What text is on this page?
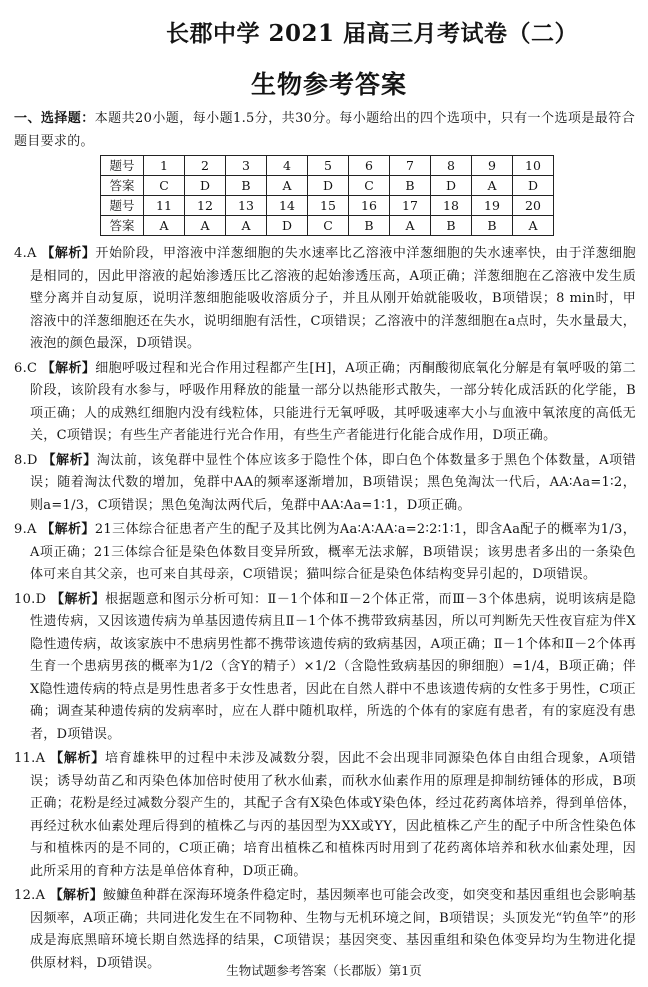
长郡中学 2021 届高三月考试卷（二）
生物参考答案
一、选择题：本题共20小题，每小题1.5分，共30分。每小题给出的四个选项中，只有一个选项是最符合题目要求的。
题号	1	2	3	4	5	6	7	8	9	10
答案	C	D	B	A	D	C	B	D	A	D
题号	11	12	13	14	15	16	17	18	19	20
答案	A	A	A	D	C	B	A	B	B	A

4.A 【解析】开始阶段，甲溶液中洋葱细胞的失水速率比乙溶液中洋葱细胞的失水速率快，由于洋葱细胞是相同的，因此甲溶液的起始渗透压比乙溶液的起始渗透压高，A项正确；洋葱细胞在乙溶液中发生质壁分离并自动复原，说明洋葱细胞能吸收溶质分子，并且从刚开始就能吸收，B项错误；8 min时，甲溶液中的洋葱细胞还在失水，说明细胞有活性，C项错误；乙溶液中的洋葱细胞在a点时，失水量最大，液泡的颜色最深，D项错误。

6.C 【解析】细胞呼吸过程和光合作用过程都产生[H]，A项正确；丙酮酸彻底氧化分解是有氧呼吸的第二阶段，该阶段有水参与，呼吸作用释放的能量一部分以热能形式散失，一部分转化成活跃的化学能，B项正确；人的成熟红细胞内没有线粒体，只能进行无氧呼吸，其呼吸速率大小与血液中氧浓度的高低无关，C项错误；有些生产者能进行光合作用，有些生产者能进行化能合成作用，D项正确。

8.D 【解析】淘汰前，该兔群中显性个体应该多于隐性个体，即白色个体数量多于黑色个体数量，A项错误；随着淘汰代数的增加，兔群中AA的频率逐渐增加，B项错误；黑色兔淘汰一代后，AA∶Aa=1∶2，则a=1/3，C项错误；黑色兔淘汰两代后，兔群中AA∶Aa=1∶1，D项正确。

9.A 【解析】21三体综合征患者产生的配子及其比例为Aa∶A∶AA∶a=2∶2∶1∶1，即含Aa配子的概率为1/3，A项正确；21三体综合征是染色体数目变异所致，概率无法求解，B项错误；该男患者多出的一条染色体可来自其父亲，也可来自其母亲，C项错误；猫叫综合征是染色体结构变异引起的，D项错误。

10.D 【解析】根据题意和图示分析可知：Ⅱ－1个体和Ⅱ－2个体正常，而Ⅲ－3个体患病，说明该病是隐性遗传病，又因该遗传病为单基因遗传病且Ⅱ－1个体不携带致病基因，所以可判断先天性夜盲症为伴X隐性遗传病，故该家族中不患病男性都不携带该遗传病的致病基因，A项正确；Ⅱ－1个体和Ⅱ－2个体再生育一个患病男孩的概率为1/2（含Y的精子）×1/2（含隐性致病基因的卵细胞）=1/4，B项正确；伴X隐性遗传病的特点是男性患者多于女性患者，因此在自然人群中不患该遗传病的女性多于男性，C项正确；调查某种遗传病的发病率时，应在人群中随机取样，所选的个体有的家庭有患者，有的家庭没有患者，D项错误。

11.A 【解析】培育雄株甲的过程中未涉及减数分裂，因此不会出现非同源染色体自由组合现象，A项错误；诱导幼苗乙和丙染色体加倍时使用了秋水仙素，而秋水仙素作用的原理是抑制纺锤体的形成，B项正确；花粉是经过减数分裂产生的，其配子含有X染色体或Y染色体，经过花药离体培养，得到单倍体，再经过秋水仙素处理后得到的植株乙与丙的基因型为XX或YY，因此植株乙产生的配子中所含性染色体与和植株丙的是不同的，C项正确；培育出植株乙和植株丙时用到了花药离体培养和秋水仙素处理，因此所采用的育种方法是单倍体育种，D项正确。

12.A 【解析】鮟鱇鱼种群在深海环境条件稳定时，基因频率也可能会改变，如突变和基因重组也会影响基因频率，A项正确；共同进化发生在不同物种、生物与无机环境之间，B项错误；头顶发光“钓鱼竿”的形成是海底黑暗环境长期自然选择的结果，C项错误；基因突变、基因重组和染色体变异均为生物进化提供原材料，D项错误。	生物试题参考答案（长郡版）第1页
